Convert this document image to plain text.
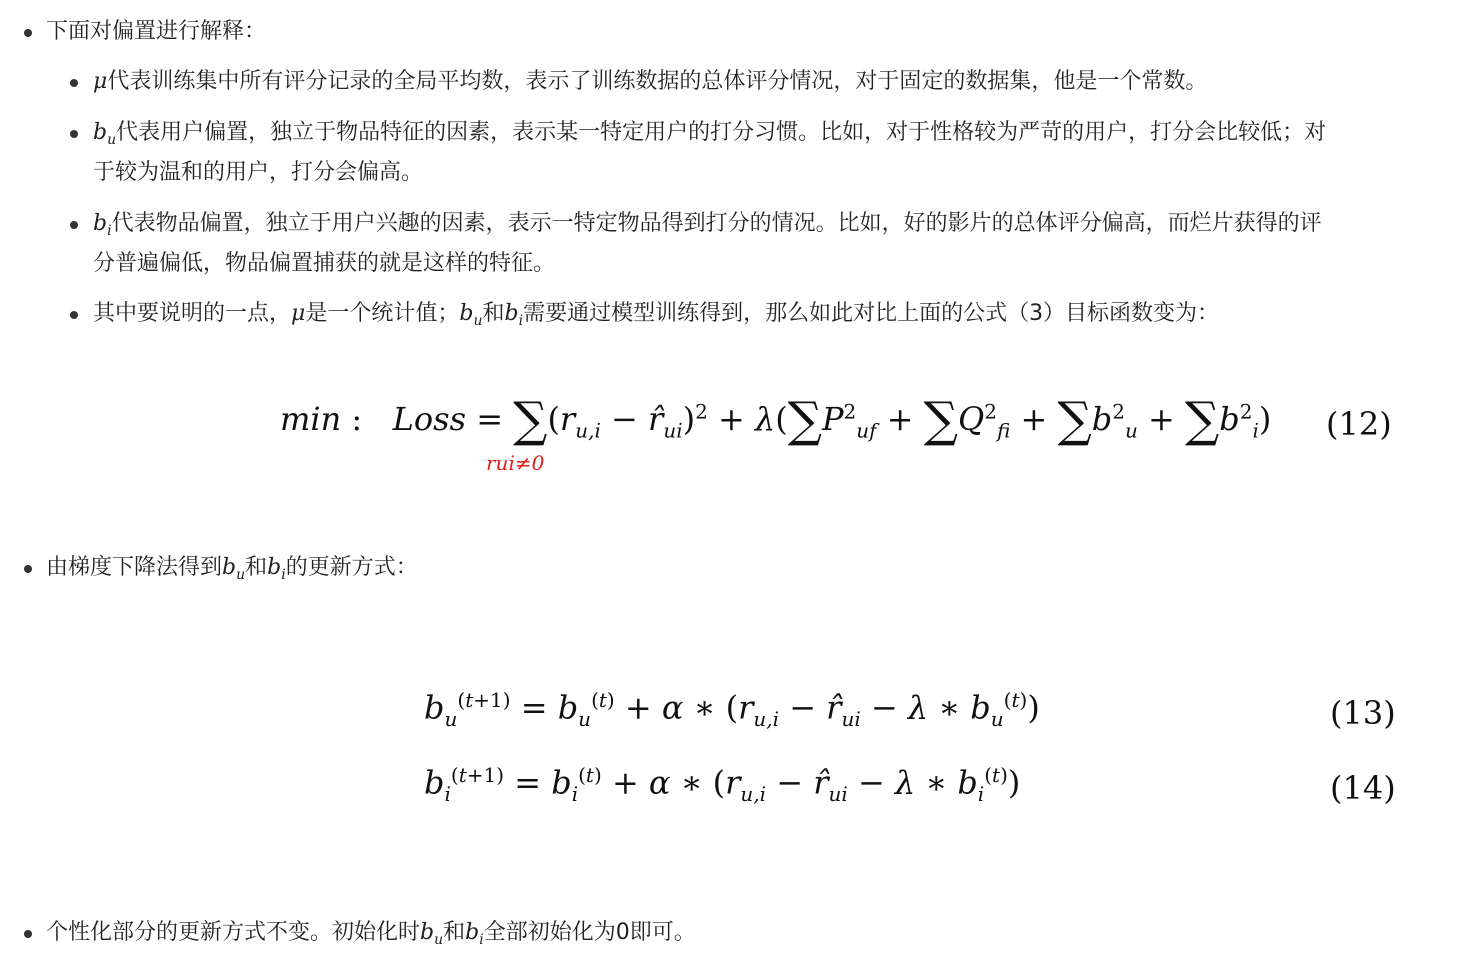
下面对偏置进行解释：
μ代表训练集中所有评分记录的全局平均数，表示了训练数据的总体评分情况，对于固定的数据集，他是一个常数。
$b_u$代表用户偏置，独立于物品特征的因素，表示某一特定用户的打分习惯。比如，对于性格较为严苛的用户，打分会比较低；对
于较为温和的用户，打分会偏高。
$b_i$代表物品偏置，独立于用户兴趣的因素，表示一特定物品得到打分的情况。比如，好的影片的总体评分偏高，而烂片获得的评
分普遍偏低，物品偏置捕获的就是这样的特征。
其中要说明的一点，μ是一个统计值；$b_u$和$b_i$需要通过模型训练得到，那么如此对比上面的公式（3）目标函数变为：
min :   Loss = $\sum(r_{u,i}$ − $r̂_{ui})^2 + \lambda(\sum P^2_{uf} + \sum Q^2_{fi} + \sum b^2_u + \sum b^2_i)$
rui≠0
(12)
由梯度下降法得到$b_u$和$b_i$的更新方式：
$b_u^{(t+1)} = b_u^{(t)} + \alpha$ ∗ ($r_{u,i}$ − $r̂_{ui} - \lambda$ ∗ $b_u^{(t)}$)	(13)
$b_i^{(t+1)} = b_i^{(t)} + \alpha$ ∗ ($r_{u,i}$ − $r̂_{ui} - \lambda$ ∗ $b_i^{(t)}$)	(14)
个性化部分的更新方式不变。初始化时$b_u$和$b_i$全部初始化为0即可。
